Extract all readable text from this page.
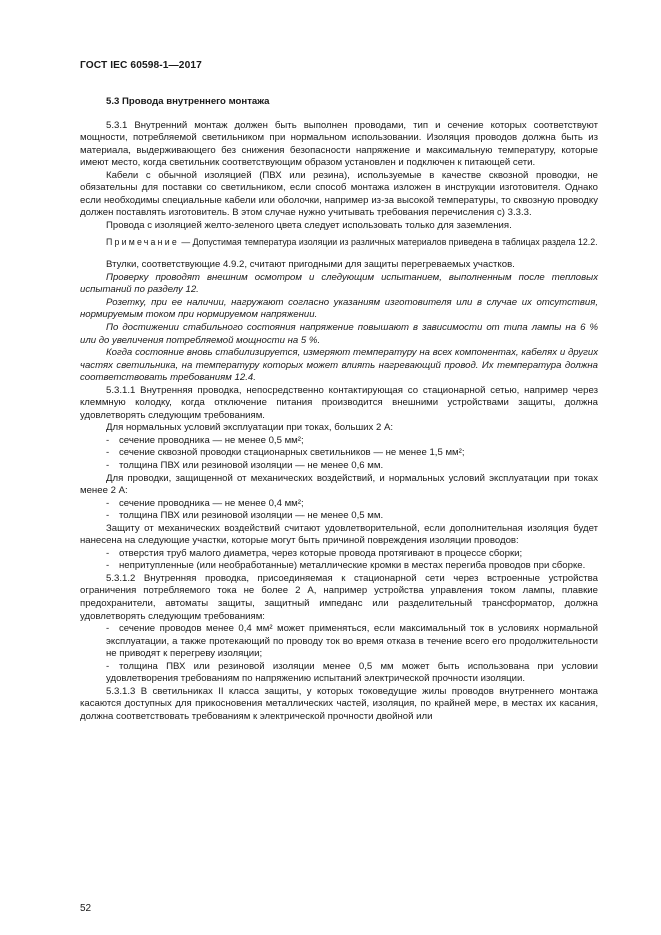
ГОСТ IEC 60598-1—2017

5.3 Провода внутреннего монтажа

5.3.1 Внутренний монтаж должен быть выполнен проводами, тип и сечение которых соответствуют мощности, потребляемой светильником при нормальном использовании. Изоляция проводов должна быть из материала, выдерживающего без снижения безопасности напряжение и максимальную температуру, которые имеют место, когда светильник соответствующим образом установлен и подключен к питающей сети.

Кабели с обычной изоляцией (ПВХ или резина), используемые в качестве сквозной проводки, не обязательны для поставки со светильником, если способ монтажа изложен в инструкции изготовителя. Однако если необходимы специальные кабели или оболочки, например из-за высокой температуры, то сквозную проводку должен поставлять изготовитель. В этом случае нужно учитывать требования перечисления с) 3.3.3.

Провода с изоляцией желто-зеленого цвета следует использовать только для заземления.

Примечание — Допустимая температура изоляции из различных материалов приведена в таблицах раздела 12.2.

Втулки, соответствующие 4.9.2, считают пригодными для защиты перегреваемых участков.

Проверку проводят внешним осмотром и следующим испытанием, выполненным после тепловых испытаний по разделу 12.

Розетку, при ее наличии, нагружают согласно указаниям изготовителя или в случае их отсутствия, нормируемым током при нормируемом напряжении.

По достижении стабильного состояния напряжение повышают в зависимости от типа лампы на 6 % или до увеличения потребляемой мощности на 5 %.

Когда состояние вновь стабилизируется, измеряют температуру на всех компонентах, кабелях и других частях светильника, на температуру которых может влиять нагревающий провод. Их температура должна соответствовать требованиям 12.4.

5.3.1.1 Внутренняя проводка, непосредственно контактирующая со стационарной сетью, например через клеммную колодку, когда отключение питания производится внешними устройствами защиты, должна удовлетворять следующим требованиям.

Для нормальных условий эксплуатации при токах, больших 2 А:

- сечение проводника — не менее 0,5 мм²;

- сечение сквозной проводки стационарных светильников — не менее 1,5 мм²;

- толщина ПВХ или резиновой изоляции — не менее 0,6 мм.

Для проводки, защищенной от механических воздействий, и нормальных условий эксплуатации при токах менее 2 А:

- сечение проводника — не менее 0,4 мм²;

- толщина ПВХ или резиновой изоляции — не менее 0,5 мм.

Защиту от механических воздействий считают удовлетворительной, если дополнительная изоляция будет нанесена на следующие участки, которые могут быть причиной повреждения изоляции проводов:

- отверстия труб малого диаметра, через которые провода протягивают в процессе сборки;

- непритупленные (или необработанные) металлические кромки в местах перегиба проводов при сборке.

5.3.1.2 Внутренняя проводка, присоединяемая к стационарной сети через встроенные устройства ограничения потребляемого тока не более 2 А, например устройства управления током лампы, плавкие предохранители, автоматы защиты, защитный импеданс или разделительный трансформатор, должна удовлетворять следующим требованиям:

- сечение проводов менее 0,4 мм² может применяться, если максимальный ток в условиях нормальной эксплуатации, а также протекающий по проводу ток во время отказа в течение всего его продолжительности не приводят к перегреву изоляции;

- толщина ПВХ или резиновой изоляции менее 0,5 мм может быть использована при условии удовлетворения требованиям по напряжению испытаний электрической прочности изоляции.

5.3.1.3 В светильниках II класса защиты, у которых токоведущие жилы проводов внутреннего монтажа касаются доступных для прикосновения металлических частей, изоляция, по крайней мере, в местах их касания, должна соответствовать требованиям к электрической прочности двойной или

52
